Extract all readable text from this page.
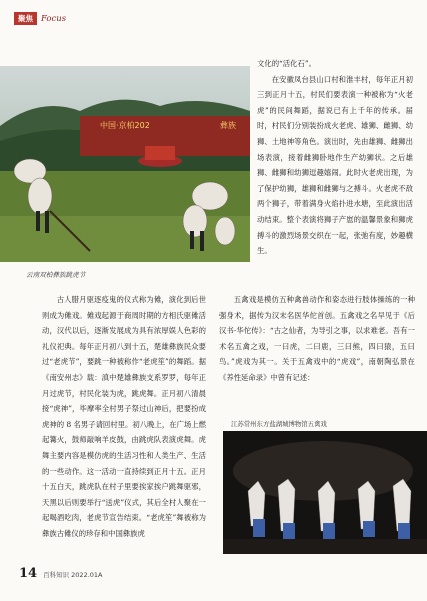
聚焦 Focus
中国·京柏202	彝族
云南双柏彝族跳虎节

文化的“活化石”。

在安徽凤台县山口村和淮丰村，每年正月初三到正月十五，村民们要表演一种被称为“火老虎”的民间舞蹈，据说已有上千年的传承。届时，村民们分别装扮成火老虎、雄狮、雌狮、幼狮、土地神等角色。演出时，先由雄狮、雌狮出场表演，接着雌狮卧地作生产幼狮状。之后雄狮、雌狮和幼狮逗趣嬉闹。此时火老虎出现，为了保护幼狮，雄狮和雌狮与之搏斗。火老虎不敌两个狮子，带着满身火焰扑进水塘，至此演出活动结束。整个表演将狮子产崽的温馨景象和狮虎搏斗的激烈场景交织在一起，张弛有度，妙趣横生。

古人腊月驱逐疫鬼的仪式称为傩，演化到后世则成为傩戏。傩戏起源于商周时期的方相氏驱傩活动，汉代以后，逐渐发展成为具有浓厚娱人色彩的礼仪祀典。每年正月初八到十五，楚雄彝族民众要过“老虎节”，要跳一种被称作“老虎笙”的舞蹈。据《南安州志》载：滇中楚雄彝族支系罗罗，每年正月过虎节，村民化装为虎，跳虎舞。正月初八清晨接“虎神”，毕摩率全村男子祭过山神后，把要扮成虎神的 8 名男子请回村里。初八晚上，在广场上燃起篝火，鼓师敲响羊皮鼓，由跳虎队表演虎舞。虎舞主要内容是模仿虎的生活习性和人类生产、生活的一些动作。这一活动一直持续到正月十五。正月十五白天，跳虎队在村子里要挨家挨户跳舞驱邪，天黑以后则要举行“送虎”仪式，其后全村人聚在一起喝酒吃肉，老虎节宣告结束。“老虎笙”舞被称为彝族古傩仪的珍存和中国彝族虎

五禽戏是模仿五种禽兽动作和姿态进行肢体操练的一种强身术，据传为汉末名医华佗首创。五禽戏之名早见于《后汉书·华佗传》：“古之仙者，为导引之事，以求难老。吾有一术名五禽之戏，一曰虎，二曰鹿，三曰熊，四曰猿，五曰鸟。”虎戏为其一。关于五禽戏中的“虎戏”，南朝陶弘景在《养性延命录》中曾有记述：

江苏常州东方盐湖城博物馆五禽戏
14 百科知识 2022.01A
